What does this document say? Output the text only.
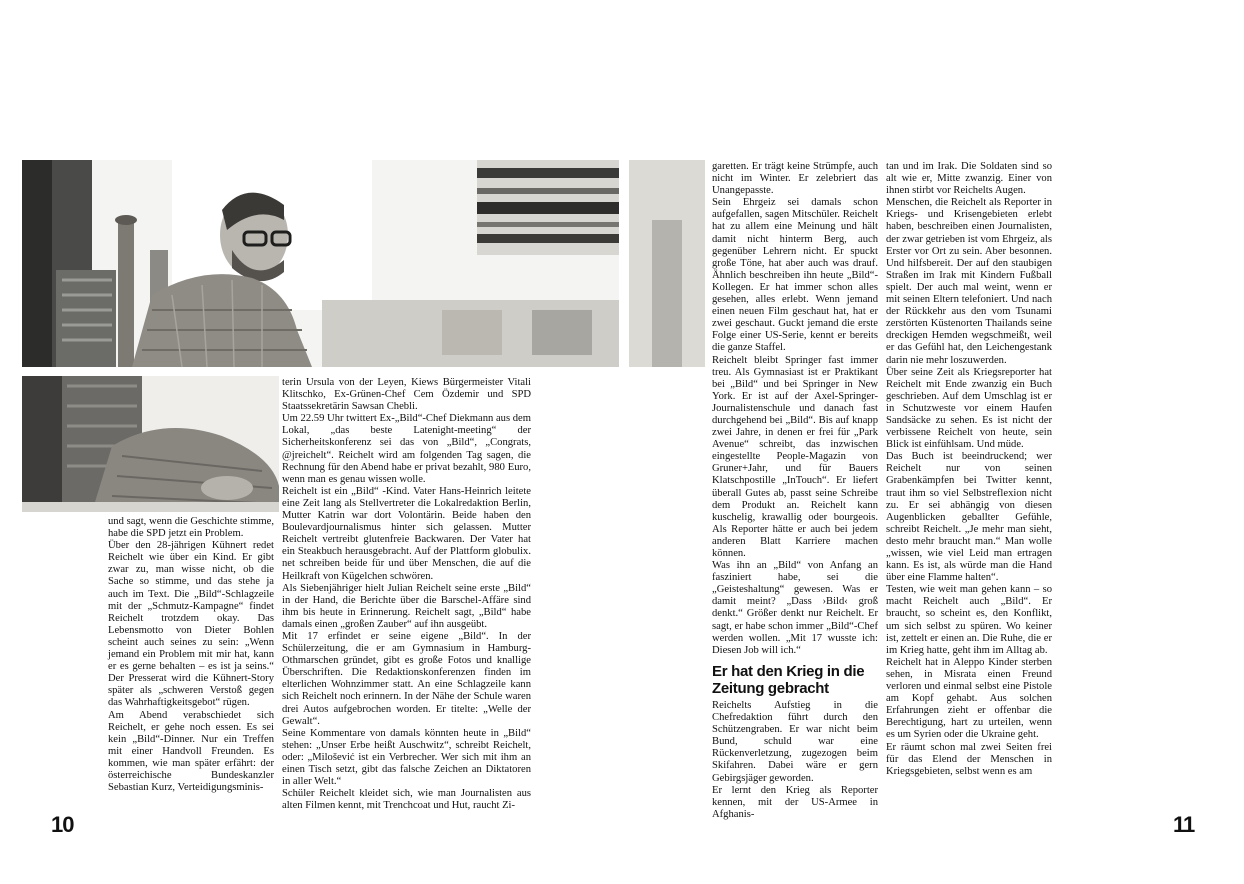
und sagt, wenn die Geschichte stimme, habe die SPD jetzt ein Problem.

Über den 28-jährigen Kühnert redet Reichelt wie über ein Kind. Er gibt zwar zu, man wisse nicht, ob die Sache so stimme, und das stehe ja auch im Text. Die „Bild“-Schlagzeile mit der „Schmutz-Kampagne“ findet Reichelt trotzdem okay. Das Lebensmotto von Dieter Bohlen scheint auch seines zu sein: „Wenn jemand ein Problem mit mir hat, kann er es gerne behalten – es ist ja seins.“ Der Presserat wird die Kühnert-Story später als „schweren Verstoß gegen das Wahrhaftigkeitsgebot“ rügen.

Am Abend verabschiedet sich Reichelt, er gehe noch essen. Es sei kein „Bild“-Dinner. Nur ein Treffen mit einer Handvoll Freunden. Es kommen, wie man später erfährt: der österreichische Bundeskanzler Sebastian Kurz, Verteidigungsminis-

terin Ursula von der Leyen, Kiews Bürgermeister Vitali Klitschko, Ex-Grünen-Chef Cem Özdemir und SPD Staatssekretärin Sawsan Chebli.

Um 22.59 Uhr twittert Ex-„Bild“-Chef Diekmann aus dem Lokal, „das beste Latenight-meeting“ der Sicherheitskonferenz sei das von „Bild“, „Congrats, @jreichelt“. Reichelt wird am folgenden Tag sagen, die Rechnung für den Abend habe er privat bezahlt, 980 Euro, wenn man es genau wissen wolle.

Reichelt ist ein „Bild“ -Kind. Vater Hans-Heinrich leitete eine Zeit lang als Stellvertreter die Lokalredaktion Berlin, Mutter Katrin war dort Volontärin. Beide haben den Boulevardjournalismus hinter sich gelassen. Mutter Reichelt vertreibt glutenfreie Backwaren. Der Vater hat ein Steakbuch herausgebracht. Auf der Plattform globulix. net schreiben beide für und über Menschen, die auf die Heilkraft von Kügelchen schwören.

Als Siebenjähriger hielt Julian Reichelt seine erste „Bild“ in der Hand, die Berichte über die Barschel-Affäre sind ihm bis heute in Erinnerung. Reichelt sagt, „Bild“ habe damals einen „großen Zauber“ auf ihn ausgeübt.

Mit 17 erfindet er seine eigene „Bild“. In der Schülerzeitung, die er am Gymnasium in Hamburg-Othmarschen gründet, gibt es große Fotos und knallige Überschriften. Die Redaktionskonferenzen finden im elterlichen Wohnzimmer statt. An eine Schlagzeile kann sich Reichelt noch erinnern. In der Nähe der Schule waren drei Autos aufgebrochen worden. Er titelte: „Welle der Gewalt“.

Seine Kommentare von damals könnten heute in „Bild“ stehen: „Unser Erbe heißt Auschwitz“, schreibt Reichelt, oder: „Milošević ist ein Verbrecher. Wer sich mit ihm an einen Tisch setzt, gibt das falsche Zeichen an Diktatoren in aller Welt.“

Schüler Reichelt kleidet sich, wie man Journalisten aus alten Filmen kennt, mit Trenchcoat und Hut, raucht Zi-

garetten. Er trägt keine Strümpfe, auch nicht im Winter. Er zelebriert das Unangepasste.

Sein Ehrgeiz sei damals schon aufgefallen, sagen Mitschüler. Reichelt hat zu allem eine Meinung und hält damit nicht hinterm Berg, auch gegenüber Lehrern nicht. Er spuckt große Töne, hat aber auch was drauf. Ähnlich beschreiben ihn heute „Bild“-Kollegen. Er hat immer schon alles gesehen, alles erlebt. Wenn jemand einen neuen Film geschaut hat, hat er zwei geschaut. Guckt jemand die erste Folge einer US-Serie, kennt er bereits die ganze Staffel.

Reichelt bleibt Springer fast immer treu. Als Gymnasiast ist er Praktikant bei „Bild“ und bei Springer in New York. Er ist auf der Axel-Springer-Journalistenschule und danach fast durchgehend bei „Bild“. Bis auf knapp zwei Jahre, in denen er frei für „Park Avenue“ schreibt, das inzwischen eingestellte People-Magazin von Gruner+Jahr, und für Bauers Klatschpostille „InTouch“. Er liefert überall Gutes ab, passt seine Schreibe dem Produkt an. Reichelt kann kuschelig, krawallig oder bourgeois. Als Reporter hätte er auch bei jedem anderen Blatt Karriere machen können.

Was ihn an „Bild“ von Anfang an fasziniert habe, sei die „Geisteshaltung“ gewesen. Was er damit meint? „Dass ›Bild‹ groß denkt.“ Größer denkt nur Reichelt. Er sagt, er habe schon immer „Bild“-Chef werden wollen. „Mit 17 wusste ich: Diesen Job will ich.“

Er hat den Krieg in die Zeitung gebracht

Reichelts Aufstieg in die Chefredaktion führt durch den Schützengraben. Er war nicht beim Bund, schuld war eine Rückenverletzung, zugezogen beim Skifahren. Dabei wäre er gern Gebirgsjäger geworden.

Er lernt den Krieg als Reporter kennen, mit der US-Armee in Afghanis-

tan und im Irak. Die Soldaten sind so alt wie er, Mitte zwanzig. Einer von ihnen stirbt vor Reichelts Augen.

Menschen, die Reichelt als Reporter in Kriegs- und Krisengebieten erlebt haben, beschreiben einen Journalisten, der zwar getrieben ist vom Ehrgeiz, als Erster vor Ort zu sein. Aber besonnen. Und hilfsbereit. Der auf den staubigen Straßen im Irak mit Kindern Fußball spielt. Der auch mal weint, wenn er mit seinen Eltern telefoniert. Und nach der Rückkehr aus den vom Tsunami zerstörten Küstenorten Thailands seine dreckigen Hemden wegschmeißt, weil er das Gefühl hat, den Leichengestank darin nie mehr loszuwerden.

Über seine Zeit als Kriegsreporter hat Reichelt mit Ende zwanzig ein Buch geschrieben. Auf dem Umschlag ist er in Schutzweste vor einem Haufen Sandsäcke zu sehen. Es ist nicht der verbissene Reichelt von heute, sein Blick ist einfühlsam. Und müde.

Das Buch ist beeindruckend; wer Reichelt nur von seinen Grabenkämpfen bei Twitter kennt, traut ihm so viel Selbstreflexion nicht zu. Er sei abhängig von diesen Augenblicken geballter Gefühle, schreibt Reichelt. „Je mehr man sieht, desto mehr braucht man.“ Man wolle „wissen, wie viel Leid man ertragen kann. Es ist, als würde man die Hand über eine Flamme halten“.

Testen, wie weit man gehen kann – so macht Reichelt auch „Bild“. Er braucht, so scheint es, den Konflikt, um sich selbst zu spüren. Wo keiner ist, zettelt er einen an. Die Ruhe, die er im Krieg hatte, geht ihm im Alltag ab.

Reichelt hat in Aleppo Kinder sterben sehen, in Misrata einen Freund verloren und einmal selbst eine Pistole am Kopf gehabt. Aus solchen Erfahrungen zieht er offenbar die Berechtigung, hart zu urteilen, wenn es um Syrien oder die Ukraine geht.

Er räumt schon mal zwei Seiten frei für das Elend der Menschen in Kriegsgebieten, selbst wenn es am

10	11
